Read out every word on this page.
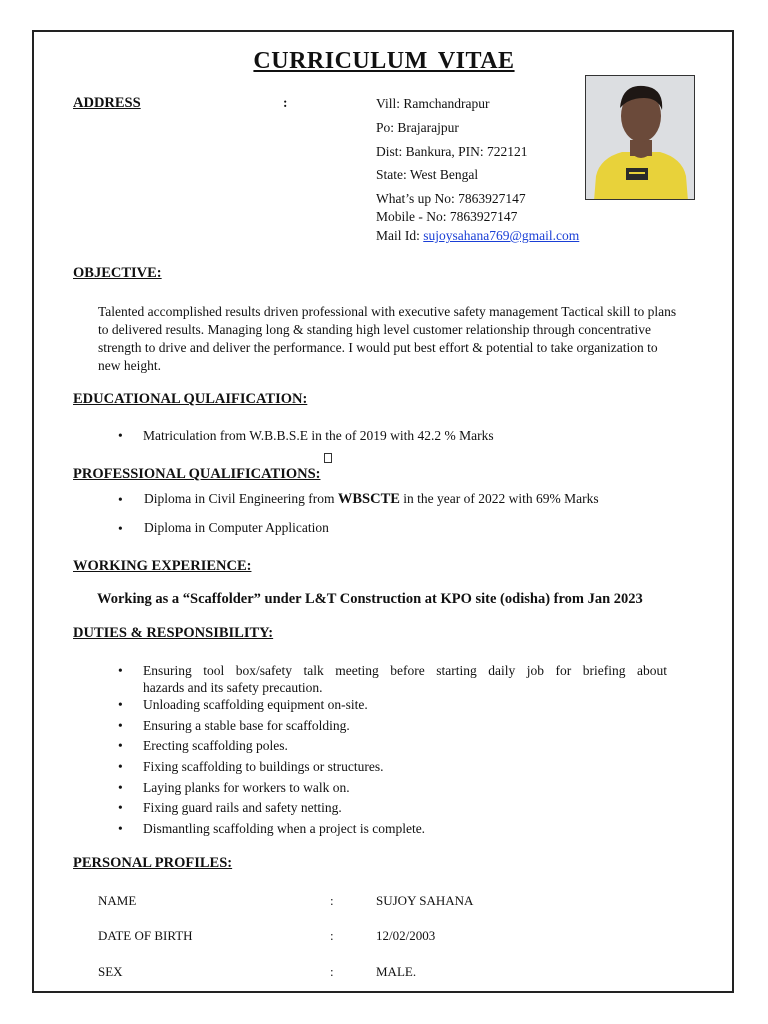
CURRICULUM VITAE
ADDRESS	:	Vill: Ramchandrapur
Po: Brajarajpur
Dist: Bankura, PIN: 722121
State: West Bengal
What’s up No: 7863927147
Mobile - No: 7863927147
Mail Id: sujoysahana769@gmail.com
OBJECTIVE:
Talented accomplished results driven professional with executive safety management Tactical skill to plans to delivered results. Managing long & standing high level customer relationship through concentrative strength to drive and deliver the performance. I would put best effort & potential to take organization to new height.
EDUCATIONAL QULAIFICATION:
• Matriculation from W.B.B.S.E in the of 2019 with 42.2 % Marks
PROFESSIONAL QUALIFICATIONS:
• Diploma in Civil Engineering from WBSCTE in the year of 2022 with 69% Marks
• Diploma in Computer Application
WORKING EXPERIENCE:
Working as a “Scaffolder” under L&T Construction at KPO site (odisha) from Jan 2023
DUTIES & RESPONSIBILITY:
• Ensuring tool box/safety talk meeting before starting daily job for briefing about
hazards and its safety precaution.
• Unloading scaffolding equipment on-site.
• Ensuring a stable base for scaffolding.
• Erecting scaffolding poles.
• Fixing scaffolding to buildings or structures.
• Laying planks for workers to walk on.
• Fixing guard rails and safety netting.
• Dismantling scaffolding when a project is complete.
PERSONAL PROFILES:
NAME	:	SUJOY SAHANA
DATE OF BIRTH	:	12/02/2003
SEX	:	MALE.
